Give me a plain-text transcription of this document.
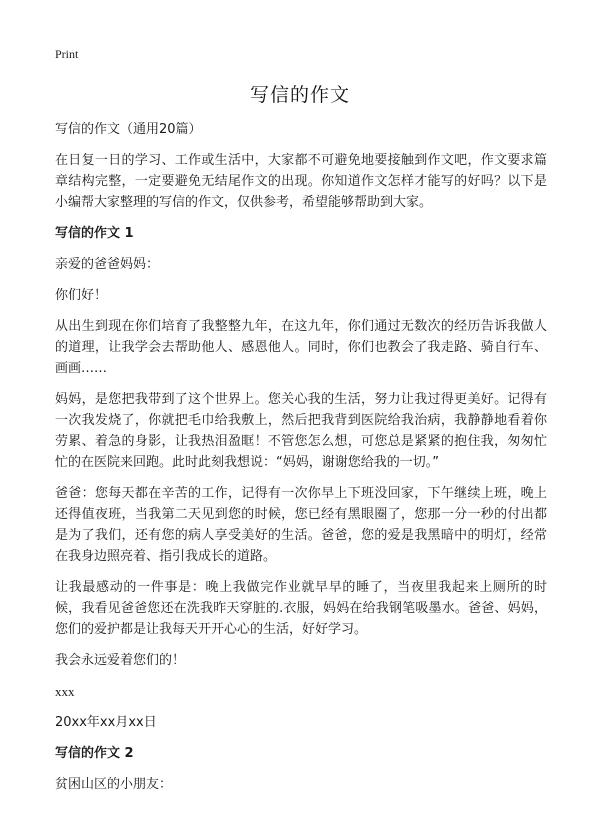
Print
写信的作文

写信的作文（通用20篇）

在日复一日的学习、工作或生活中，大家都不可避免地要接触到作文吧，作文要求篇章结构完整，一定要避免无结尾作文的出现。你知道作文怎样才能写的好吗？以下是小编帮大家整理的写信的作文，仅供参考，希望能够帮助到大家。

写信的作文 1

亲爱的爸爸妈妈：

你们好！

从出生到现在你们培育了我整整九年，在这九年，你们通过无数次的经历告诉我做人的道理，让我学会去帮助他人、感恩他人。同时，你们也教会了我走路、骑自行车、画画……

妈妈，是您把我带到了这个世界上。您关心我的生活，努力让我过得更美好。记得有一次我发烧了，你就把毛巾给我敷上，然后把我背到医院给我治病，我静静地看着你劳累、着急的身影，让我热泪盈眶！不管您怎么想，可您总是紧紧的抱住我，匆匆忙忙的在医院来回跑。此时此刻我想说：“妈妈，谢谢您给我的一切。”

爸爸：您每天都在辛苦的工作，记得有一次你早上下班没回家，下午继续上班，晚上还得值夜班，当我第二天见到您的时候，您已经有黑眼圈了，您那一分一秒的付出都是为了我们，还有您的病人享受美好的生活。爸爸，您的爱是我黑暗中的明灯，经常在我身边照亮着、指引我成长的道路。

让我最感动的一件事是：晚上我做完作业就早早的睡了，当夜里我起来上厕所的时候，我看见爸爸您还在洗我昨天穿脏的.衣服，妈妈在给我钢笔吸墨水。爸爸、妈妈，您们的爱护都是让我每天开开心心的生活，好好学习。

我会永远爱着您们的！

xxx

20xx年xx月xx日

写信的作文 2

贫困山区的小朋友：
